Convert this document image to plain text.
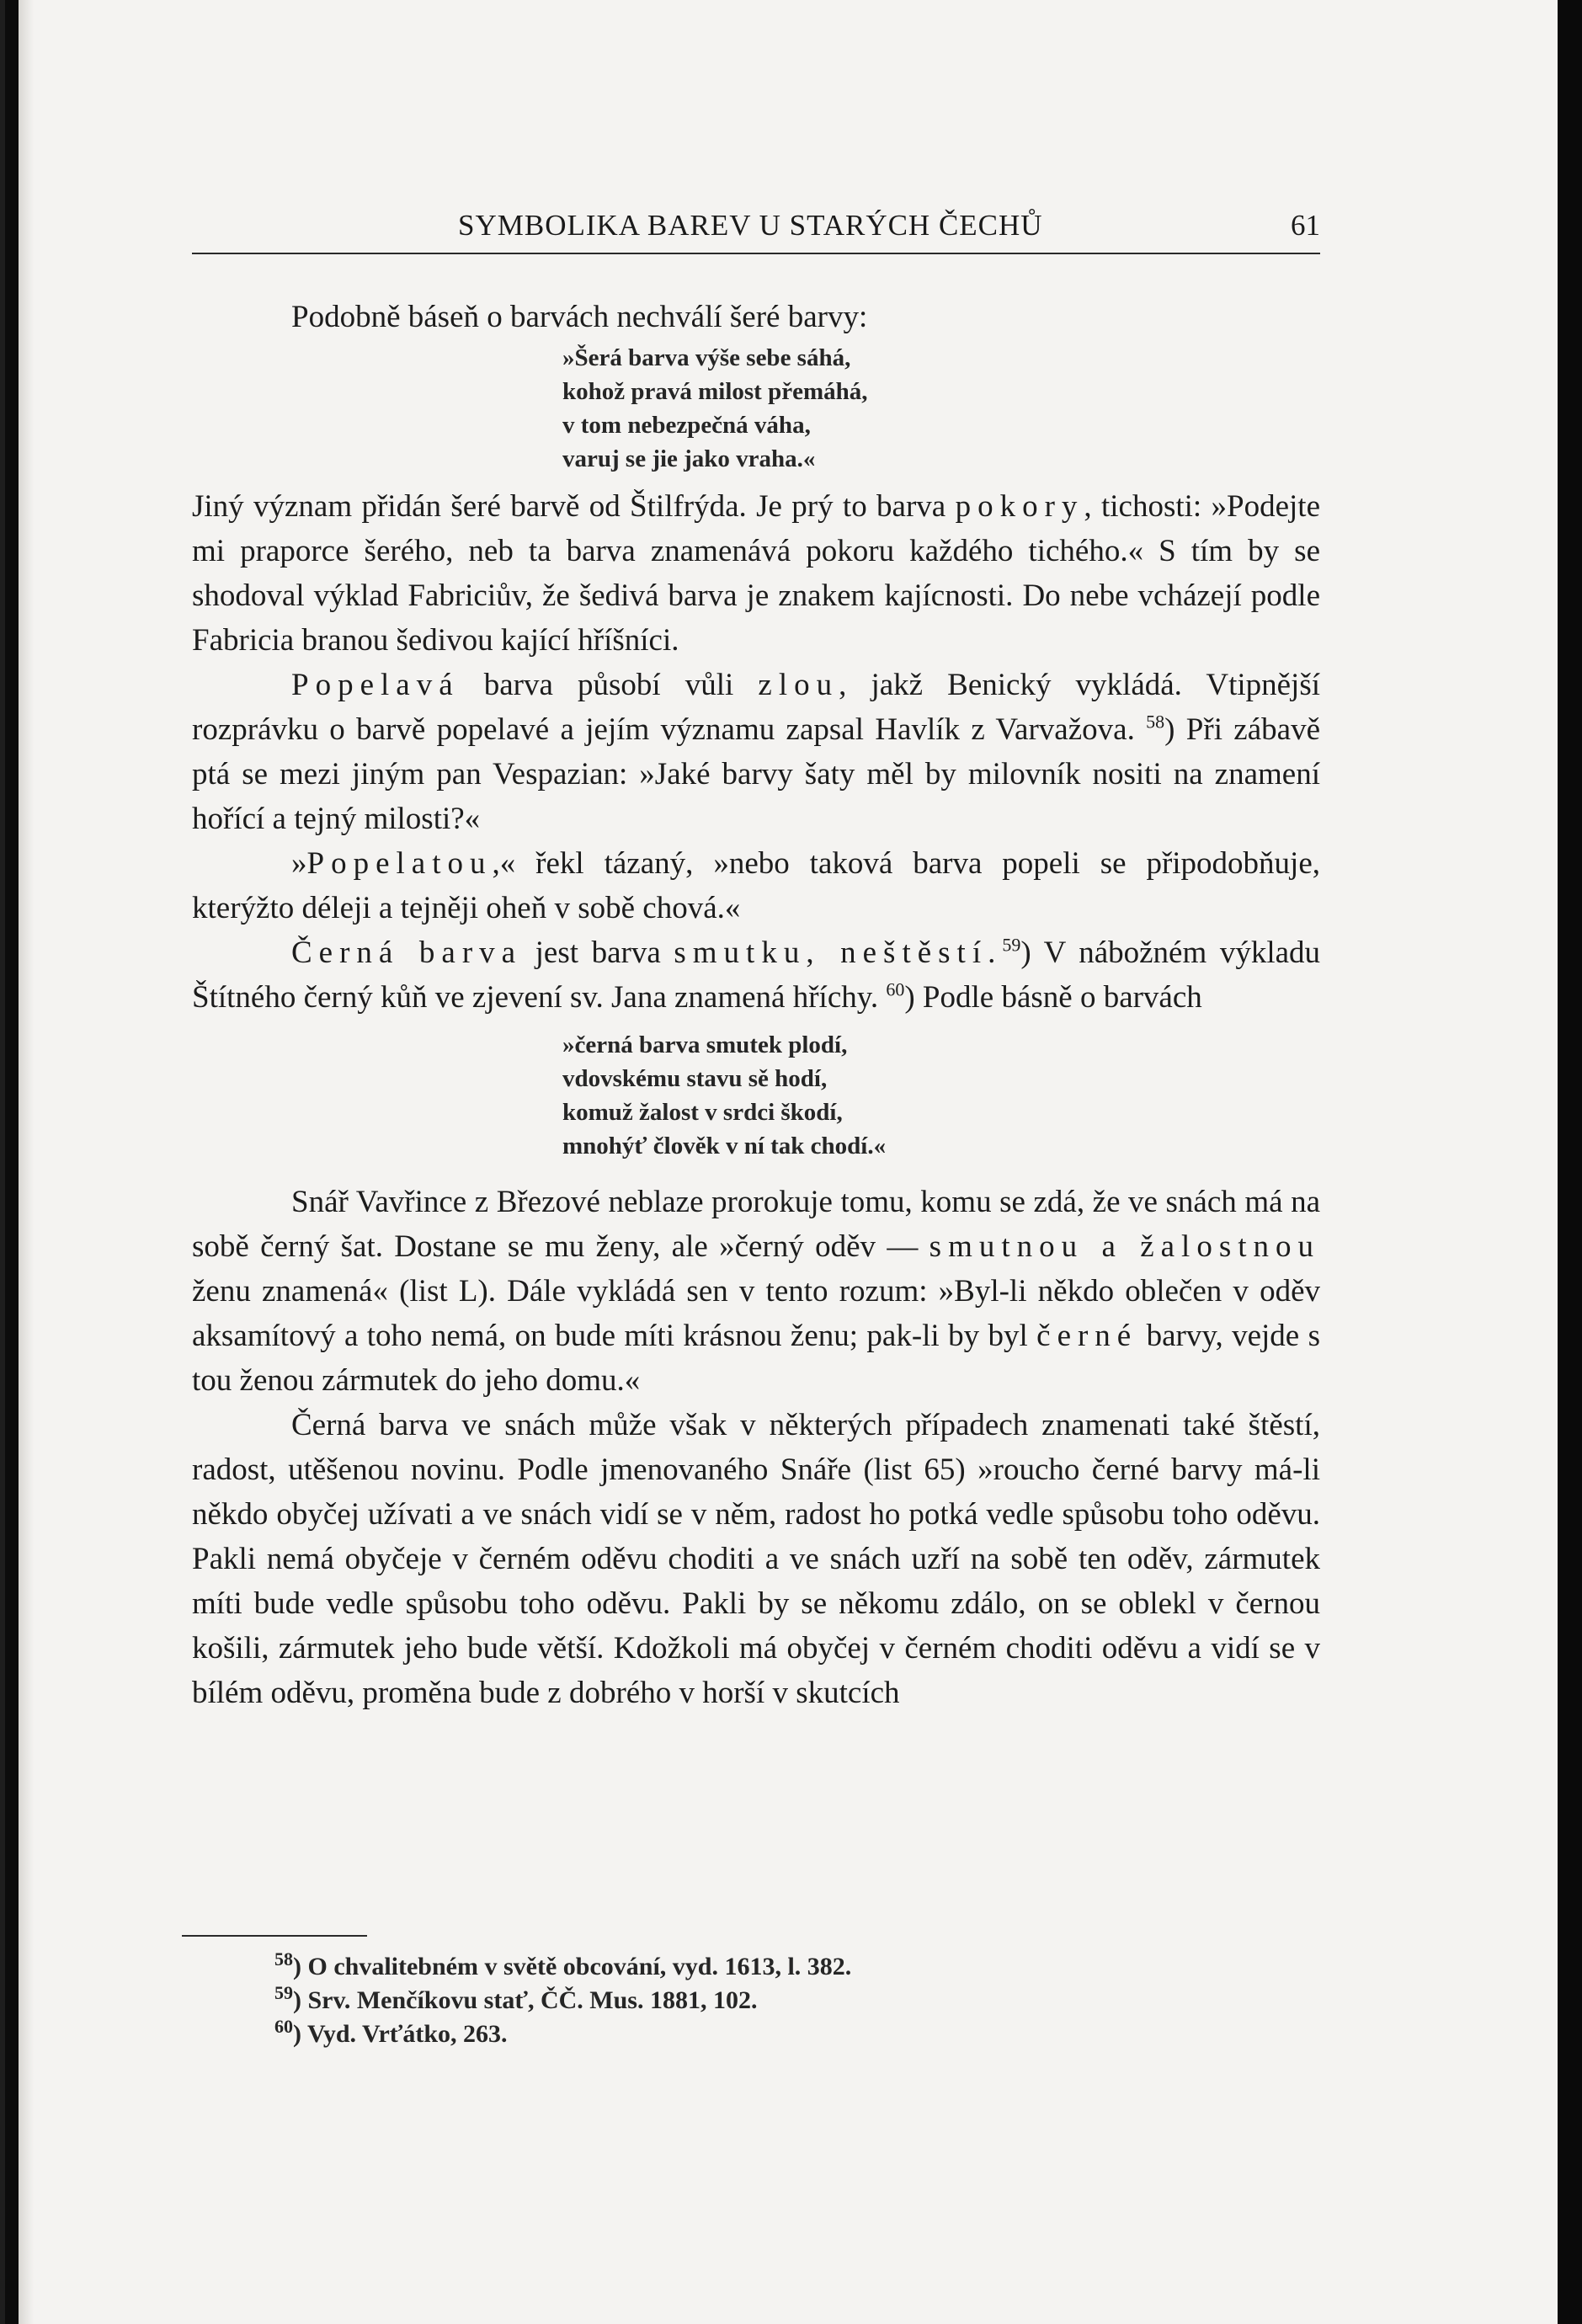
SYMBOLIKA BAREV U STARÝCH ČECHŮ	61

Podobně báseň o barvách nechválí šeré barvy:

»Šerá barva výše sebe sáhá,

kohož pravá milost přemáhá,

v tom nebezpečná váha,

varuj se jie jako vraha.«

Jiný význam přidán šeré barvě od Štilfrýda. Je prý to barva pokory, tichosti: »Podejte mi praporce šerého, neb ta barva znamenává pokoru každého tichého.« S tím by se shodoval výklad Fabriciův, že šedivá barva je znakem kajícnosti. Do nebe vcházejí podle Fabricia branou šedivou kající hříšníci.

Popelavá barva působí vůli zlou, jakž Benický vykládá. Vtipnější rozprávku o barvě popelavé a jejím významu zapsal Havlík z Varvažova. $^{58}$) Při zábavě ptá se mezi jiným pan Vespazian: »Jaké barvy šaty měl by milovník nositi na znamení hořící a tejný milosti?«

»Popelatou,« řekl tázaný, »nebo taková barva popeli se připodobňuje, kterýžto déleji a tejněji oheň v sobě chová.«

Černá barva jest barva smutku, neštěstí.$^{59}$) V nábožném výkladu Štítného černý kůň ve zjevení sv. Jana znamená hříchy. $^{60}$) Podle básně o barvách

»černá barva smutek plodí,

vdovskému stavu sě hodí,

komuž žalost v srdci škodí,

mnohýť člověk v ní tak chodí.«

Snář Vavřince z Březové neblaze prorokuje tomu, komu se zdá, že ve snách má na sobě černý šat. Dostane se mu ženy, ale »černý oděv — smutnou a žalostnou ženu znamená« (list L). Dále vykládá sen v tento rozum: »Byl-li někdo oblečen v oděv aksamítový a toho nemá, on bude míti krásnou ženu; pak-li by byl černé barvy, vejde s tou ženou zármutek do jeho domu.«

Černá barva ve snách může však v některých případech znamenati také štěstí, radost, utěšenou novinu. Podle jmenovaného Snáře (list 65) »roucho černé barvy má-li někdo obyčej užívati a ve snách vidí se v něm, radost ho potká vedle spůsobu toho oděvu. Pakli nemá obyčeje v černém oděvu choditi a ve snách uzří na sobě ten oděv, zármutek míti bude vedle spůsobu toho oděvu. Pakli by se někomu zdálo, on se oblekl v černou košili, zármutek jeho bude větší. Kdožkoli má obyčej v černém choditi oděvu a vidí se v bílém oděvu, proměna bude z dobrého v horší v skutcích

$^{58}$) O chvalitebném v světě obcování, vyd. 1613, l. 382.

$^{59}$) Srv. Menčíkovu stať, ČČ. Mus. 1881, 102.

$^{60}$) Vyd. Vrťátko, 263.
